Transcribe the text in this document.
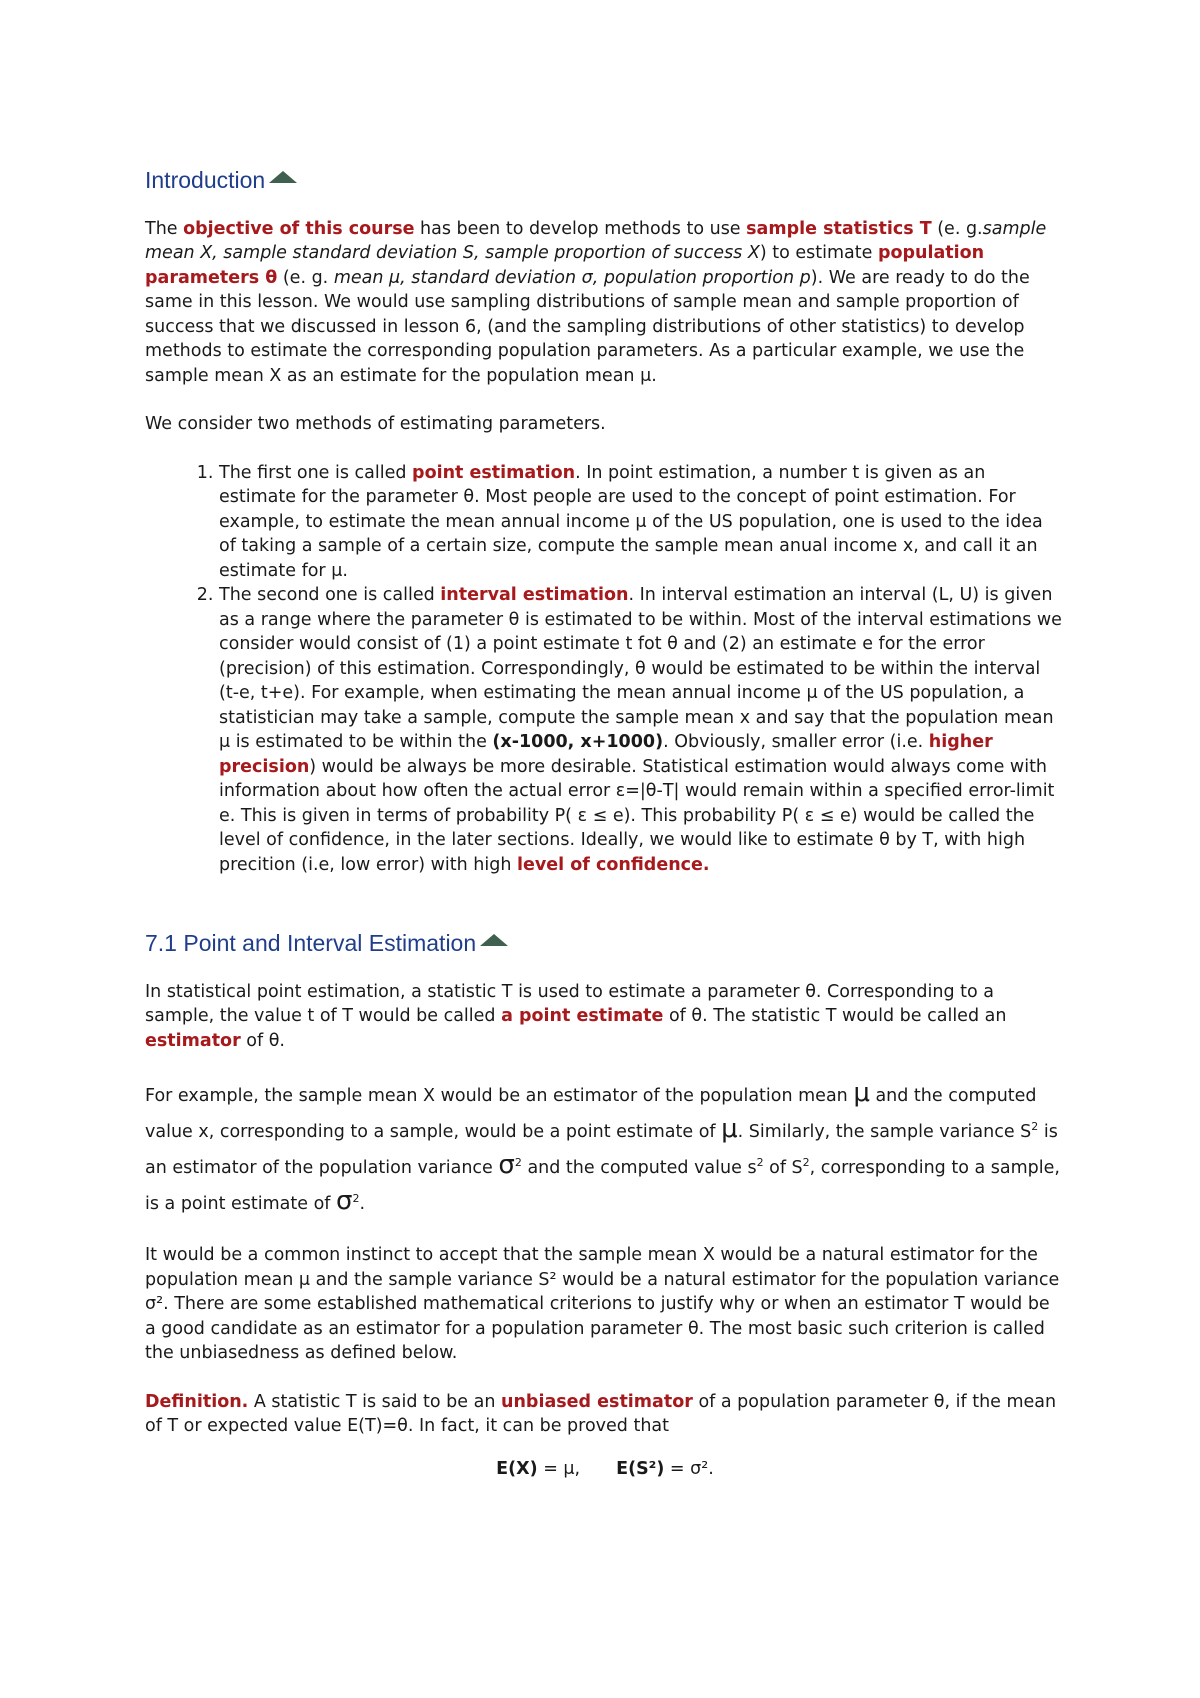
Introduction

The objective of this course has been to develop methods to use sample statistics T (e. g.sample mean X, sample standard deviation S, sample proportion of success X) to estimate population parameters θ (e. g. mean μ, standard deviation σ, population proportion p). We are ready to do the same in this lesson. We would use sampling distributions of sample mean and sample proportion of success that we discussed in lesson 6, (and the sampling distributions of other statistics) to develop methods to estimate the corresponding population parameters. As a particular example, we use the sample mean X as an estimate for the population mean μ.

We consider two methods of estimating parameters.

1. The first one is called point estimation. In point estimation, a number t is given as an estimate for the parameter θ. Most people are used to the concept of point estimation. For example, to estimate the mean annual income μ of the US population, one is used to the idea of taking a sample of a certain size, compute the sample mean anual income x, and call it an estimate for μ.
2. The second one is called interval estimation. In interval estimation an interval (L, U) is given as a range where the parameter θ is estimated to be within. Most of the interval estimations we consider would consist of (1) a point estimate t fot θ and (2) an estimate e for the error (precision) of this estimation. Correspondingly, θ would be estimated to be within the interval (t-e, t+e). For example, when estimating the mean annual income μ of the US population, a statistician may take a sample, compute the sample mean x and say that the population mean μ is estimated to be within the (x-1000, x+1000). Obviously, smaller error (i.e. higher precision) would be always be more desirable. Statistical estimation would always come with information about how often the actual error ε=|θ-T| would remain within a specified error-limit e. This is given in terms of probability P( ε ≤ e). This probability P( ε ≤ e) would be called the level of confidence, in the later sections. Ideally, we would like to estimate θ by T, with high precition (i.e, low error) with high level of confidence.
7.1 Point and Interval Estimation

In statistical point estimation, a statistic T is used to estimate a parameter θ. Corresponding to a sample, the value t of T would be called a point estimate of θ. The statistic T would be called an estimator of θ.

For example, the sample mean X would be an estimator of the population mean μ and the computed value x, corresponding to a sample, would be a point estimate of μ. Similarly, the sample variance $S^2$ is an estimator of the population variance $\sigma^2$ and the computed value $s^2$ of $S^2$, corresponding to a sample, is a point estimate of $\sigma^2$.

It would be a common instinct to accept that the sample mean X would be a natural estimator for the population mean μ and the sample variance S² would be a natural estimator for the population variance σ². There are some established mathematical criterions to justify why or when an estimator T would be a good candidate as an estimator for a population parameter θ. The most basic such criterion is called the unbiasedness as defined below.

Definition. A statistic T is said to be an unbiased estimator of a population parameter θ, if the mean of T or expected value E(T)=θ. In fact, it can be proved that

E(X) = μ, E(S²) = σ².
